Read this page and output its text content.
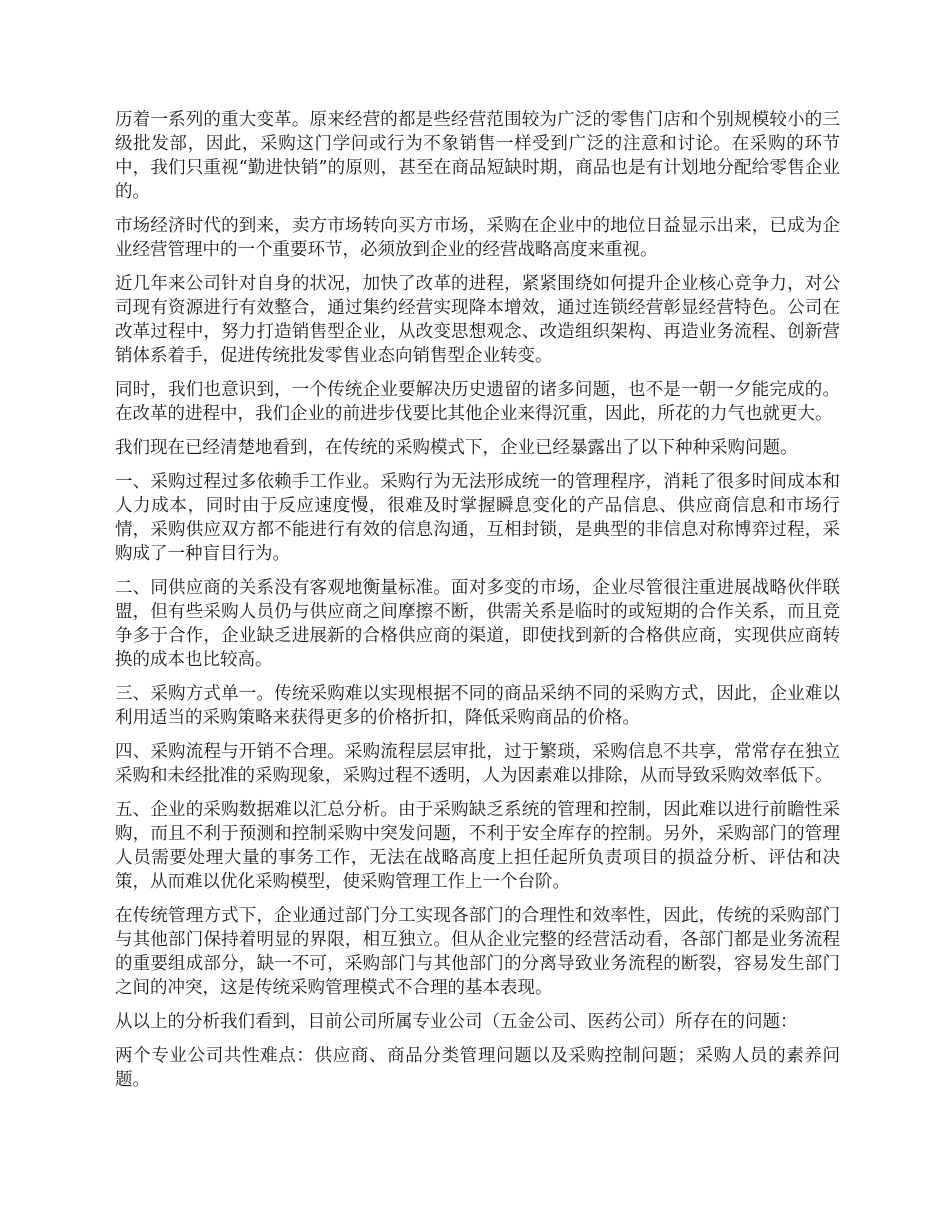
历着一系列的重大变革。原来经营的都是些经营范围较为广泛的零售门店和个别规模较小的三级批发部，因此，采购这门学问或行为不象销售一样受到广泛的注意和讨论。在采购的环节中，我们只重视“勤进快销”的原则，甚至在商品短缺时期，商品也是有计划地分配给零售企业的。

市场经济时代的到来，卖方市场转向买方市场，采购在企业中的地位日益显示出来，已成为企业经营管理中的一个重要环节，必须放到企业的经营战略高度来重视。

近几年来公司针对自身的状况，加快了改革的进程，紧紧围绕如何提升企业核心竞争力，对公司现有资源进行有效整合，通过集约经营实现降本增效，通过连锁经营彰显经营特色。公司在改革过程中，努力打造销售型企业，从改变思想观念、改造组织架构、再造业务流程、创新营销体系着手，促进传统批发零售业态向销售型企业转变。

同时，我们也意识到，一个传统企业要解决历史遗留的诸多问题，也不是一朝一夕能完成的。在改革的进程中，我们企业的前进步伐要比其他企业来得沉重，因此，所花的力气也就更大。

我们现在已经清楚地看到，在传统的采购模式下，企业已经暴露出了以下种种采购问题。

一、采购过程过多依赖手工作业。采购行为无法形成统一的管理程序，消耗了很多时间成本和人力成本，同时由于反应速度慢，很难及时掌握瞬息变化的产品信息、供应商信息和市场行情，采购供应双方都不能进行有效的信息沟通，互相封锁，是典型的非信息对称博弈过程，采购成了一种盲目行为。

二、同供应商的关系没有客观地衡量标准。面对多变的市场，企业尽管很注重进展战略伙伴联盟，但有些采购人员仍与供应商之间摩擦不断，供需关系是临时的或短期的合作关系，而且竞争多于合作，企业缺乏进展新的合格供应商的渠道，即使找到新的合格供应商，实现供应商转换的成本也比较高。

三、采购方式单一。传统采购难以实现根据不同的商品采纳不同的采购方式，因此，企业难以利用适当的采购策略来获得更多的价格折扣，降低采购商品的价格。

四、采购流程与开销不合理。采购流程层层审批，过于繁琐，采购信息不共享，常常存在独立采购和未经批准的采购现象，采购过程不透明，人为因素难以排除，从而导致采购效率低下。

五、企业的采购数据难以汇总分析。由于采购缺乏系统的管理和控制，因此难以进行前瞻性采购，而且不利于预测和控制采购中突发问题，不利于安全库存的控制。另外，采购部门的管理人员需要处理大量的事务工作，无法在战略高度上担任起所负责项目的损益分析、评估和决策，从而难以优化采购模型，使采购管理工作上一个台阶。

在传统管理方式下，企业通过部门分工实现各部门的合理性和效率性，因此，传统的采购部门与其他部门保持着明显的界限，相互独立。但从企业完整的经营活动看，各部门都是业务流程的重要组成部分，缺一不可，采购部门与其他部门的分离导致业务流程的断裂，容易发生部门之间的冲突，这是传统采购管理模式不合理的基本表现。

从以上的分析我们看到，目前公司所属专业公司（五金公司、医药公司）所存在的问题：

两个专业公司共性难点：供应商、商品分类管理问题以及采购控制问题；采购人员的素养问题。
